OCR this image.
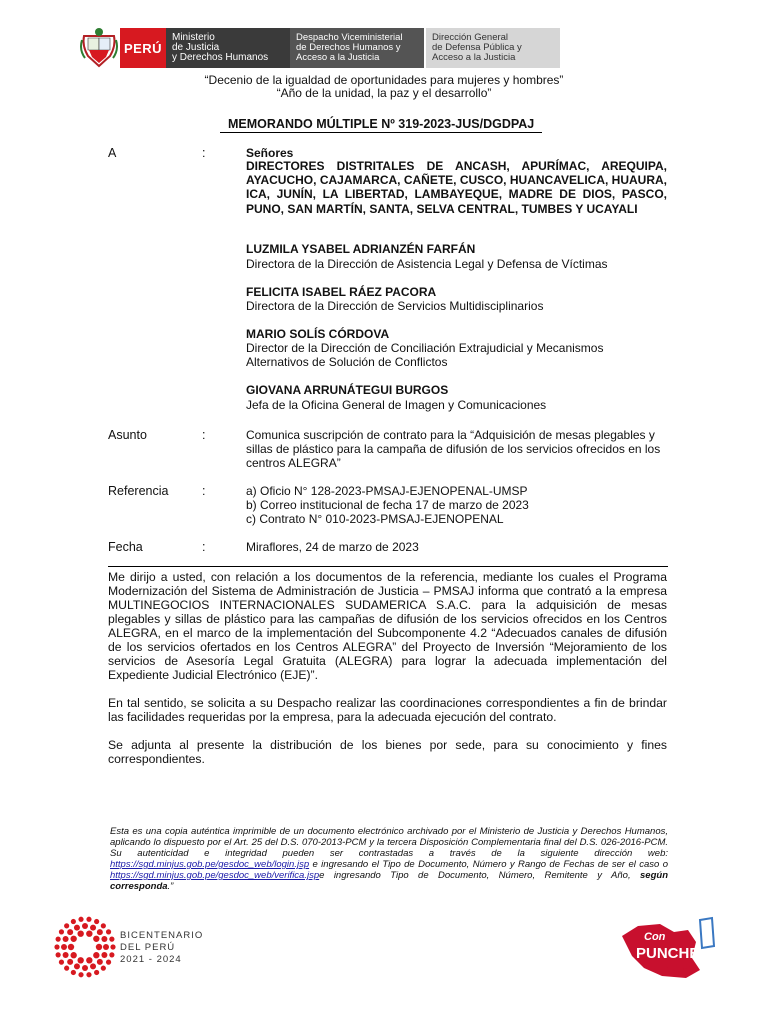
PERÚ
Ministerio
de Justicia
y Derechos Humanos
Despacho Viceministerial
de Derechos Humanos y
Acceso a la Justicia
Dirección General
de Defensa Pública y
Acceso a la Justicia
“Decenio de la igualdad de oportunidades para mujeres y hombres”
“Año de la unidad, la paz y el desarrollo”
MEMORANDO MÚLTIPLE Nº 319-2023-JUS/DGDPAJ
A	:	Señores
DIRECTORES DISTRITALES DE ANCASH, APURÍMAC, AREQUIPA, AYACUCHO, CAJAMARCA, CAÑETE, CUSCO, HUANCAVELICA, HUAURA, ICA, JUNÍN, LA LIBERTAD, LAMBAYEQUE, MADRE DE DIOS, PASCO, PUNO, SAN MARTÍN, SANTA, SELVA CENTRAL, TUMBES Y UCAYALI
LUZMILA YSABEL ADRIANZÉN FARFÁN
Directora de la Dirección de Asistencia Legal y Defensa de Víctimas
FELICITA ISABEL RÁEZ PACORA
Directora de la Dirección de Servicios Multidisciplinarios
MARIO SOLÍS CÓRDOVA
Director de la Dirección de Conciliación Extrajudicial y Mecanismos Alternativos de Solución de Conflictos
GIOVANA ARRUNÁTEGUI BURGOS
Jefa de la Oficina General de Imagen y Comunicaciones
Asunto	:	Comunica suscripción de contrato para la “Adquisición de mesas plegables y sillas de plástico para la campaña de difusión de los servicios ofrecidos en los centros ALEGRA”
Referencia	:	a) Oficio N° 128-2023-PMSAJ-EJENOPENAL-UMSP
b) Correo institucional de fecha 17 de marzo de 2023
c) Contrato N° 010-2023-PMSAJ-EJENOPENAL
Fecha	:	Miraflores, 24 de marzo de 2023
Me dirijo a usted, con relación a los documentos de la referencia, mediante los cuales el Programa Modernización del Sistema de Administración de Justicia – PMSAJ informa que contrató a la empresa MULTINEGOCIOS INTERNACIONALES SUDAMERICA S.A.C. para la adquisición de mesas plegables y sillas de plástico para las campañas de difusión de los servicios ofrecidos en los Centros ALEGRA, en el marco de la implementación del Subcomponente 4.2 “Adecuados canales de difusión de los servicios ofertados en los Centros ALEGRA” del Proyecto de Inversión “Mejoramiento de los servicios de Asesoría Legal Gratuita (ALEGRA) para lograr la adecuada implementación del Expediente Judicial Electrónico (EJE)”.
En tal sentido, se solicita a su Despacho realizar las coordinaciones correspondientes a fin de brindar las facilidades requeridas por la empresa, para la adecuada ejecución del contrato.
Se adjunta al presente la distribución de los bienes por sede, para su conocimiento y fines correspondientes.
Esta es una copia auténtica imprimible de un documento electrónico archivado por el Ministerio de Justicia y Derechos Humanos, aplicando lo dispuesto por el Art. 25 del D.S. 070-2013-PCM y la tercera Disposición Complementaria final del D.S. 026-2016-PCM. Su autenticidad e integridad pueden ser contrastadas a través de la siguiente dirección web: https://sgd.minjus.gob.pe/gesdoc_web/login.jsp e ingresando el Tipo de Documento, Número y Rango de Fechas de ser el caso o https://sgd.minjus.gob.pe/gesdoc_web/verifica.jspe ingresando Tipo de Documento, Número, Remitente y Año, según corresponda.”
BICENTENARIO
DEL PERÚ
2021 - 2024
Con
PUNCHE
Perú
